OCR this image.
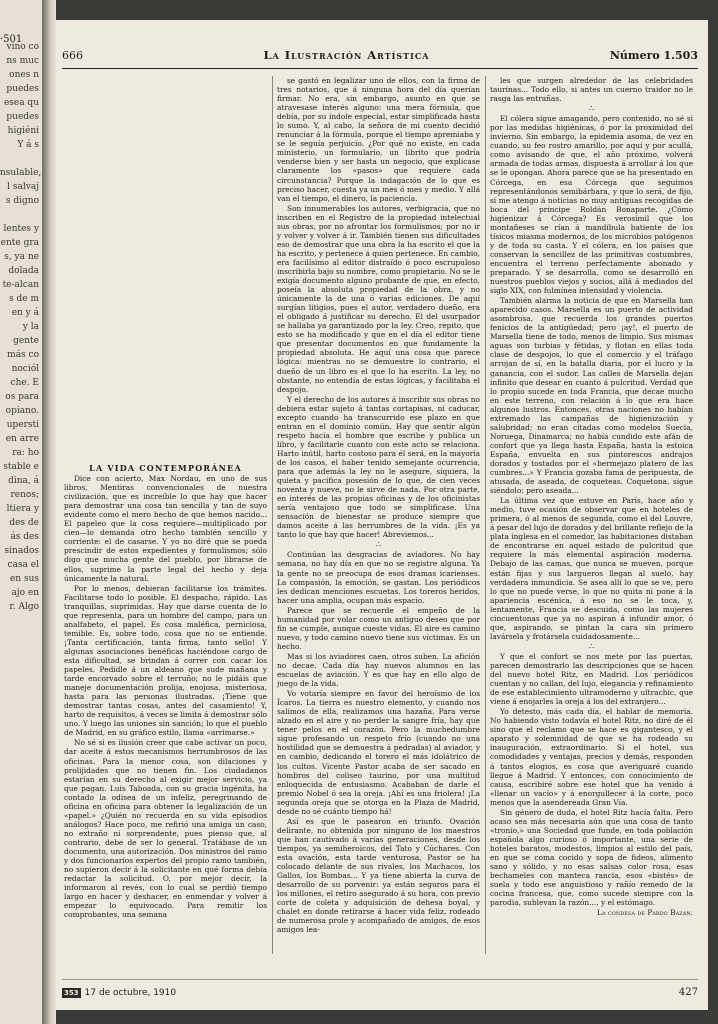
·501
vino co
ns muc
ones n
puedes
esea qu
puedes
higiéni
Y á s

nsulable,
l salvaj
s digno

lentes y
ente gra
s, ya ne
dolada
te-alcan
s de m
en y á
y la
gente
más co
nociól
che. E
os para
opiano.
upersti
en arre
ra: ho
stable e
dina, á
renos;
ltiera y
des de
ás des
sinados
casa el
en sus
ajo en
r. Algo
666	La Ilustración Artística	Número 1.503

LA VIDA CONTEMPORÁNEA

Dice con acierto, Max Nordau, en uno de sus libros, Mentiras convencionales de nuestra civilización, que es increíble lo que hay que hacer para demostrar una cosa tan sencilla y tan de suyo evidente como el mero hecho de que hemos nacido... El papeleo que la cosa requiere—multiplicado por cien—lo demanda otro hecho también sencillo y corriente: el de casarse. Y yo no diré que se pueda prescindir de estos expedientes y formulismos; sólo digo que mucha gente del pueblo, por librarse de ellos, suprime la parte legal del hecho y deja únicamente la natural.

Por lo menos, debieran facilitarse los trámites. Facilitarse todo lo posible. El despacho, rápido. Las tranquillas, suprimidas. Hay que darse cuenta de lo que representa, para un hombre del campo, para un analfabeto, el papel. Es cosa maléfica, perniciosa, temible. Es, sobre todo, cosa que no se entiende. ¡Tanta certificación, tanta firma, tanto sello! Y algunas asociaciones benéficas haciéndose cargo de esta dificultad, se brindan á correr con cacar los papeles. Pedidle á un aldeano que sude mañana y tarde encorvado sobre el terruño; no le pidáis que maneje documentación prolija, enojosa, misteriosa, hasta para las personas ilustradas. ¡Tiene que demostrar tantas cosas, antes del casamiento! Y, harto de requisitos, á veces se limita á demostrar sólo uno. Y luego las uniones sin sanción; lo que el pueblo de Madrid, en su gráfico estilo, llama «arrimarse.»

No sé si es ilusión creer que cabe activar un poco, dar aceite á estos mecanismos herrumbrosos de las oficinas. Para la menor cosa, son dilaciones y prolijidades que no tienen fin. Los ciudadanos estarían en su derecho al exigir mejor servicio, ya que pagan. Luis Taboada, con su gracia ingénita, ha contado la odisea de un infeliz, peregrinando de oficina en oficina para obtener la legalización de un «papel.» ¿Quién no recuerda en su vida episodios análogos? Hace poco, me refirió una amiga un caso, no extraño ni sorprendente, pues pienso que, al contrario, debe de ser lo general. Tratábase de un documento, una autorización. Dos ministros del ramo y dos funcionarios expertos del propio ramo también, no supieron decir á la solicitante en qué forma debía redactar la solicitud. O, por mejor decir, la informaron al revés, con lo cual se perdió tiempo largo en hacer y deshacer, en enmendar y volver á empezar lo equivocado. Para remitir los comprobantes, una semana

se gastó en legalizar uno de ellos, con la firma de tres notarios, que á ninguna hora del día querían firmar. No era, sin embargo, asunto en que se atravesase interés alguno: una mera fórmula, que debía, por su índole especial, estar simplificada hasta lo sumo. Y, al cabo, la señora de mi cuento decidió renunciar á la fórmula, porque el tiempo apremiaba y se le seguía perjuicio. ¿Por qué no existe, en cada ministerio, un formulario, un librito que podría venderse bien y ser hasta un negocio, que explicase claramente los «pasos» que requiere cada circunstancia? Porque la indagación de lo que es preciso hacer, cuesta ya un mes ó mes y medio. Y allá van el tiempo, el dinero, la paciencia.

Son innumerables los autores, verbigracia, que no inscriben en el Registro de la propiedad intelectual sus obras, por no afrontar los formulismos; por no ir y volver y volver á ir. También tienen sus dificultades eso de demostrar que una obra la ha escrito el que la ha escrito, y pertenece á quien pertenece. En cambio, era facilísimo al editor distraído ó poco escrupuloso inscribirla bajo su nombre, como propietario. No se le exigía documento alguno probante de que, en efecto, poseía la absoluta propiedad de la obra, y no únicamente la de una ó varias ediciones. De aquí surgían litigios, pues el autor, verdadero dueño, era el obligado á justificar su derecho. El del usurpador se hallaba ya garantizado por la ley. Creo, repito, que esto se ha modificado y que en el día el editor tiene que presentar documentos en que fundamente la propiedad absoluta. He aquí una cosa que parece lógica: mientras no se demuestre lo contrario, el dueño de un libro es el que lo ha escrito. La ley, no obstante, no entendía de estas lógicas, y facilitaba el despojo.

Y el derecho de los autores á inscribir sus obras no debiera estar sujeto á tantas cortapisas, ni caducar, excepto cuando ha transcurrido ese plazo en que entran en el dominio común. Hay que sentir algún respeto hacia el hombre que escribe y publica un libro, y facilitarle cuanto con este acto se relaciona. Harto inútil, harto costoso para él será, en la mayoría de los casos, el haber tenido semejante ocurrencia, para que además la ley no le asegure, siquiera, la quieta y pacífica posesión de lo que, de cien veces noventa y nueve, no le sirve de nada. Por otra parte, en interés de las propias oficinas y de los oficinistas sería ventajoso que todo se simplificase. Una sensación de bienestar se produce siempre que damos aceite á las herrumbres de la vida. ¡Es ya tanto lo que hay que hacer! Abreviemos...

∴

Continúan las desgracias de aviadores. No hay semana, no hay día en que no se registre alguna. Ya la gente no se preocupa de esos dramas icarienses. La compasión, la emoción, se gastan. Los periódicos les dedican menciones escuetas. Los toreros heridos, hacer una amplia, ocupan más espacio.

Parece que se recuerde el empeño de la humanidad por volar como un antiguo deseo que por fin se cumple, aunque cueste vidas. El aire es camino nuevo, y todo camino nuevo tiene sus víctimas. Es un hecho.

Mas si los aviadores caen, otros suben. La afición no decae. Cada día hay nuevos alumnos en las escuelas de aviación. Y es que hay en ello algo de juego de la vida.

Vo votaría siempre en favor del heroísmo de los Ícaros. La tierra es nuestro elemento, y cuando nos salimos de ella, realizamos una hazaña. Para verse alzado en el aire y no perder la sangre fría, hay que tener pelos en el corazón. Pero la muchedumbre sigue profesando un respeto frío (cuando no una hostilidad que se demuestra á pedradas) al aviador, y en cambio, dedicando el torero el más idolátrico de los cultos. Vicente Pastor acaba de ser sacado en hombros del coliseo taurino, por una multitud enloquecida de entusiasmo. Acababan de darle el premio Nobel ó sea la oreja. ¡Ahí es una friolera! ¡La segunda oreja que se otorga en la Plaza de Madrid, desde no sé cuánto tiempo há!

Así es que le pasearon en triunfo. Ovación delirante, no obtenida por ninguno de los maestros que han cautivado á varias generaciones, desde los tiempos, ya semiheroicos, del Tato y Cúchares. Con esta ovación, esta tarde venturosa, Pastor se ha colocado delante de sus rivales, los Machacos, los Gallos, los Bombas... Y ya tiene abierta la curva de desarrollo de su porvenir: ya están seguros para él los millones, el retiro asegurado á su hora, con previo corte de coleta y adquisición de dehesa boyal, y chalet en donde retirarse á hacer vida feliz, rodeado de numerosa prole y acompañado de amigos, de esos amigos lea-

les que surgen alrededor de las celebridades taurinas... Todo ello, si antes un cuerno traidor no le rasga las entrañas.

∴

El cólera sigue amagando, pero contenido, no sé si por las medidas higiénicas, ó por la proximidad del invierno. Sin embargo, la epidemia asoma, de vez en cuando, su feo rostro amarillo, por aquí y por acullá, como avisando de que, el año próximo, volverá armada de todas armas, dispuesta á arrollar á los que se le opongan. Ahora parece que se ha presentado en Córcega, en esa Córcega que seguimos representándonos semibárbara, y que lo será, de fijo, si me atengo á noticias no muy antiguas recogidas de boca del príncipe Roldán Bonaparte. ¿Cómo higienizar á Córcega? Es verosímil que los montañeses se rían á mandíbula batiente de los tísicos miasma modernos, de los microbios patógenos y de toda su casta. Y el cólera, en los países que conservan la sencillez de las primitivas costumbres, encuentra el terreno perfectamente abonado y preparado. Y se desarrolla, como se desarrolló en nuestros pueblos viejos y sucios, allá á mediados del siglo XIX, con fulmínea intensidad y violencia.

También alarma la noticia de que en Marsella han aparecido casos. Marsella es un puerto de actividad asombrosa, que recuerda los grandes puertos fenicios de la antigüedad; pero ¡ay!, el puerto de Marsella tiene de todo, menos de limpio. Sus mismas aguas son turbias y fétidas, y flotan en ellas toda clase de despojos, lo que el comercio y el tráfago arrojan de sí, en la batalla diaria, por el lucro y la ganancia, con el sudor. Las calles de Marsella dejan infinito que desear en cuanto á pulcritud. Verdad que lo propio sucede en toda Francia, que decae mucho en este terreno, con relación á lo que era hace algunos lustros. Entonces, otras naciones no habían extremado las campañas de higienización y salubridad; no eran citadas como modelos Suecia, Noruega, Dinamarca; no había cundido este afán de confort que ya llega hasta España, hasta la estoica España, envuelta en sus pintorescos andrajos dorados y tostados por el «bermejazo platero de las cumbres...» Y Francia gozaba fama de peripuesta, de atusada, de aseada, de coqueteas. Coquetona, sigue siéndolo; pero aseada...

La última vez que estuve en París, hace año y medio, tuve ocasión de observar que en hoteles de primera, ó al menos de segunda, como el del Louvre, á pesar del lujo de dorados y del brillante reflejo de la plata inglesa en el comedor, las habitaciones distaban de encontrarse en aquel estado de pulcritud que requiere la más elemental aspiración moderna. Debajo de las camas, que nunca se mueven, porque están fijas y sus largueros llegan al suelo, hay verdadera inmundicia. Se asea allí lo que se ve, pero lo que no puede verse, lo que no quita ni pone á la apariencia escénica, á eso no se le toca, y, lentamente, Francia se descuida, como las mujeres cincuentonas que ya no aspiran á infundir amor, ó que, aspirando, se pintan la cara sin primero lavársela y frotársela cuidadosamente...

∴

Y que el confort se nos mete por las puertas, parecen demostrarlo las descripciones que se hacen del nuevo hotel Ritz, en Madrid. Los periódicos cuentan y no callan, del lujo, elegancia y refinamiento de ese establecimiento ultramoderno y ultrachic, que viene á enojarles la oreja á los del extranjero...

Yo detesto, más cada día, el hablar de memoria. No habiendo visto todavía el hotel Ritz, no diré de él sino que el reclamo que se hace es gigantesco, y el aparato y solemnidad de que se ha rodeado su inauguración, extraordinario. Si el hotel, sus comodidades y ventajas, precios y demás, responden á tantos elogios, es cosa que averiguaré cuando llegue á Madrid. Y entonces, con conocimiento de causa, escribiré sobre ese hotel que ha venido á «llenar un vacío» y á enorgullecer á la corte, poco menos que la asendereada Gran Vía.

Sin género de duda, el hotel Ritz hacía falta. Pero acaso sea más necesaria aún que una cosa de tanto «tronío,» una Sociedad que funde, en toda población española algo curioso ó importante, una serie de hoteles baratos, modestos, limpios al estilo del país, en que se coma cocido y sopa de fideos, alimento sano y sólido, y no esas salsas color rosa, esas bechameles con manteca rancia, esos «bistés» de suela y todo ese anguistioso y rañío remedo de la cocina francesa, que, como sucede siempre con la parodia, sublevan la razón..., y el estómago.

La condesa de Pardo Bazán.

353 17 de octubre, 1910	427
